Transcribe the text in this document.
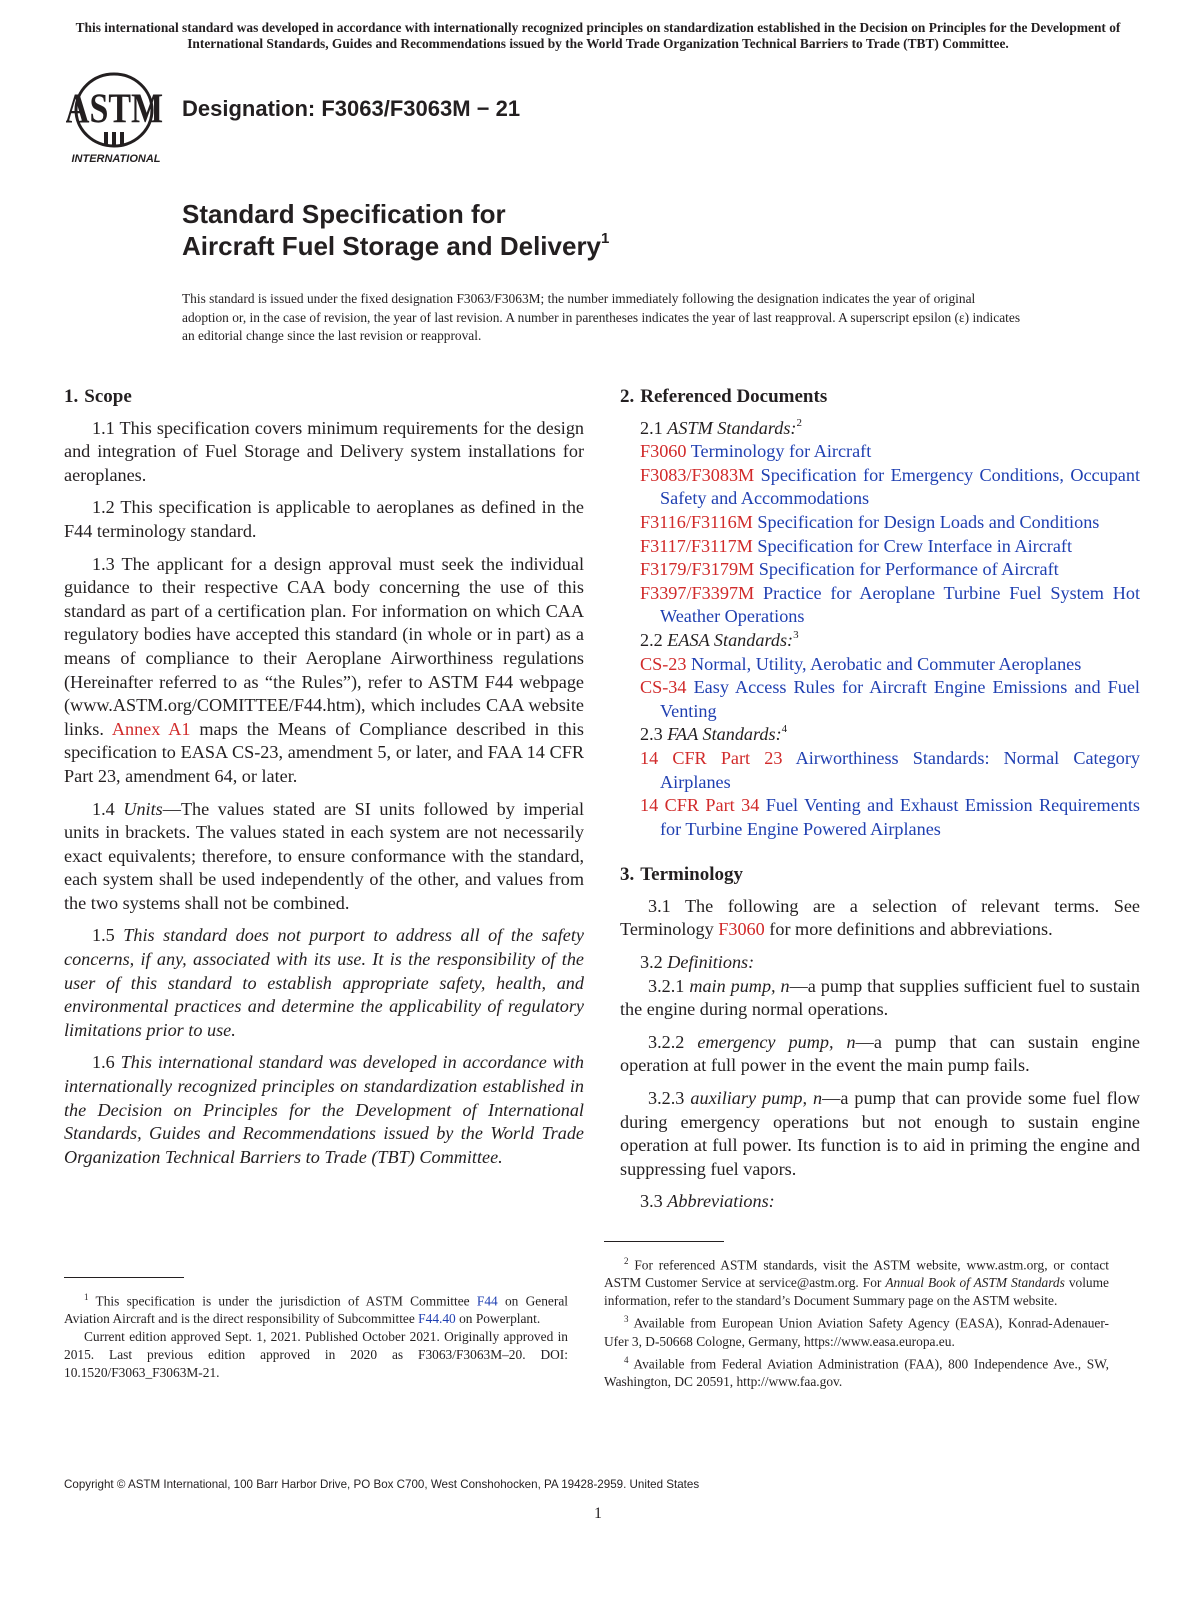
This international standard was developed in accordance with internationally recognized principles on standardization established in the Decision on Principles for the Development of International Standards, Guides and Recommendations issued by the World Trade Organization Technical Barriers to Trade (TBT) Committee.
ASTM
INTERNATIONAL
Designation: F3063/F3063M − 21
Standard Specification for
Aircraft Fuel Storage and Delivery$^1$
This standard is issued under the fixed designation F3063/F3063M; the number immediately following the designation indicates the year of original adoption or, in the case of revision, the year of last revision. A number in parentheses indicates the year of last reapproval. A superscript epsilon (ε) indicates an editorial change since the last revision or reapproval.
1. Scope

1.1 This specification covers minimum requirements for the design and integration of Fuel Storage and Delivery system installations for aeroplanes.

1.2 This specification is applicable to aeroplanes as defined in the F44 terminology standard.

1.3 The applicant for a design approval must seek the individual guidance to their respective CAA body concerning the use of this standard as part of a certification plan. For information on which CAA regulatory bodies have accepted this standard (in whole or in part) as a means of compliance to their Aeroplane Airworthiness regulations (Hereinafter referred to as “the Rules”), refer to ASTM F44 webpage (www.ASTM.org/COMITTEE/F44.htm), which includes CAA website links. Annex A1 maps the Means of Compliance described in this specification to EASA CS-23, amendment 5, or later, and FAA 14 CFR Part 23, amendment 64, or later.

1.4 Units—The values stated are SI units followed by imperial units in brackets. The values stated in each system are not necessarily exact equivalents; therefore, to ensure conformance with the standard, each system shall be used independently of the other, and values from the two systems shall not be combined.

1.5 This standard does not purport to address all of the safety concerns, if any, associated with its use. It is the responsibility of the user of this standard to establish appropriate safety, health, and environmental practices and determine the applicability of regulatory limitations prior to use.

1.6 This international standard was developed in accordance with internationally recognized principles on standardization established in the Decision on Principles for the Development of International Standards, Guides and Recommendations issued by the World Trade Organization Technical Barriers to Trade (TBT) Committee.

2. Referenced Documents
2.1 ASTM Standards:$^2$

F3060 Terminology for Aircraft

F3083/F3083M Specification for Emergency Conditions, Occupant Safety and Accommodations

F3116/F3116M Specification for Design Loads and Conditions

F3117/F3117M Specification for Crew Interface in Aircraft

F3179/F3179M Specification for Performance of Aircraft

F3397/F3397M Practice for Aeroplane Turbine Fuel System Hot Weather Operations

2.2 EASA Standards:$^3$

CS-23 Normal, Utility, Aerobatic and Commuter Aeroplanes

CS-34 Easy Access Rules for Aircraft Engine Emissions and Fuel Venting

2.3 FAA Standards:$^4$

14 CFR Part 23 Airworthiness Standards: Normal Category Airplanes

14 CFR Part 34 Fuel Venting and Exhaust Emission Requirements for Turbine Engine Powered Airplanes

3. Terminology

3.1 The following are a selection of relevant terms. See Terminology F3060 for more definitions and abbreviations.

3.2 Definitions:

3.2.1 main pump, n—a pump that supplies sufficient fuel to sustain the engine during normal operations.

3.2.2 emergency pump, n—a pump that can sustain engine operation at full power in the event the main pump fails.

3.2.3 auxiliary pump, n—a pump that can provide some fuel flow during emergency operations but not enough to sustain engine operation at full power. Its function is to aid in priming the engine and suppressing fuel vapors.

3.3 Abbreviations:

$^1$ This specification is under the jurisdiction of ASTM Committee F44 on General Aviation Aircraft and is the direct responsibility of Subcommittee F44.40 on Powerplant.

Current edition approved Sept. 1, 2021. Published October 2021. Originally approved in 2015. Last previous edition approved in 2020 as F3063/F3063M–20. DOI: 10.1520/F3063_F3063M-21.

$^2$ For referenced ASTM standards, visit the ASTM website, www.astm.org, or contact ASTM Customer Service at service@astm.org. For Annual Book of ASTM Standards volume information, refer to the standard’s Document Summary page on the ASTM website.

$^3$ Available from European Union Aviation Safety Agency (EASA), Konrad-Adenauer-Ufer 3, D-50668 Cologne, Germany, https://www.easa.europa.eu.

$^4$ Available from Federal Aviation Administration (FAA), 800 Independence Ave., SW, Washington, DC 20591, http://www.faa.gov.

Copyright © ASTM International, 100 Barr Harbor Drive, PO Box C700, West Conshohocken, PA 19428-2959. United States
1
